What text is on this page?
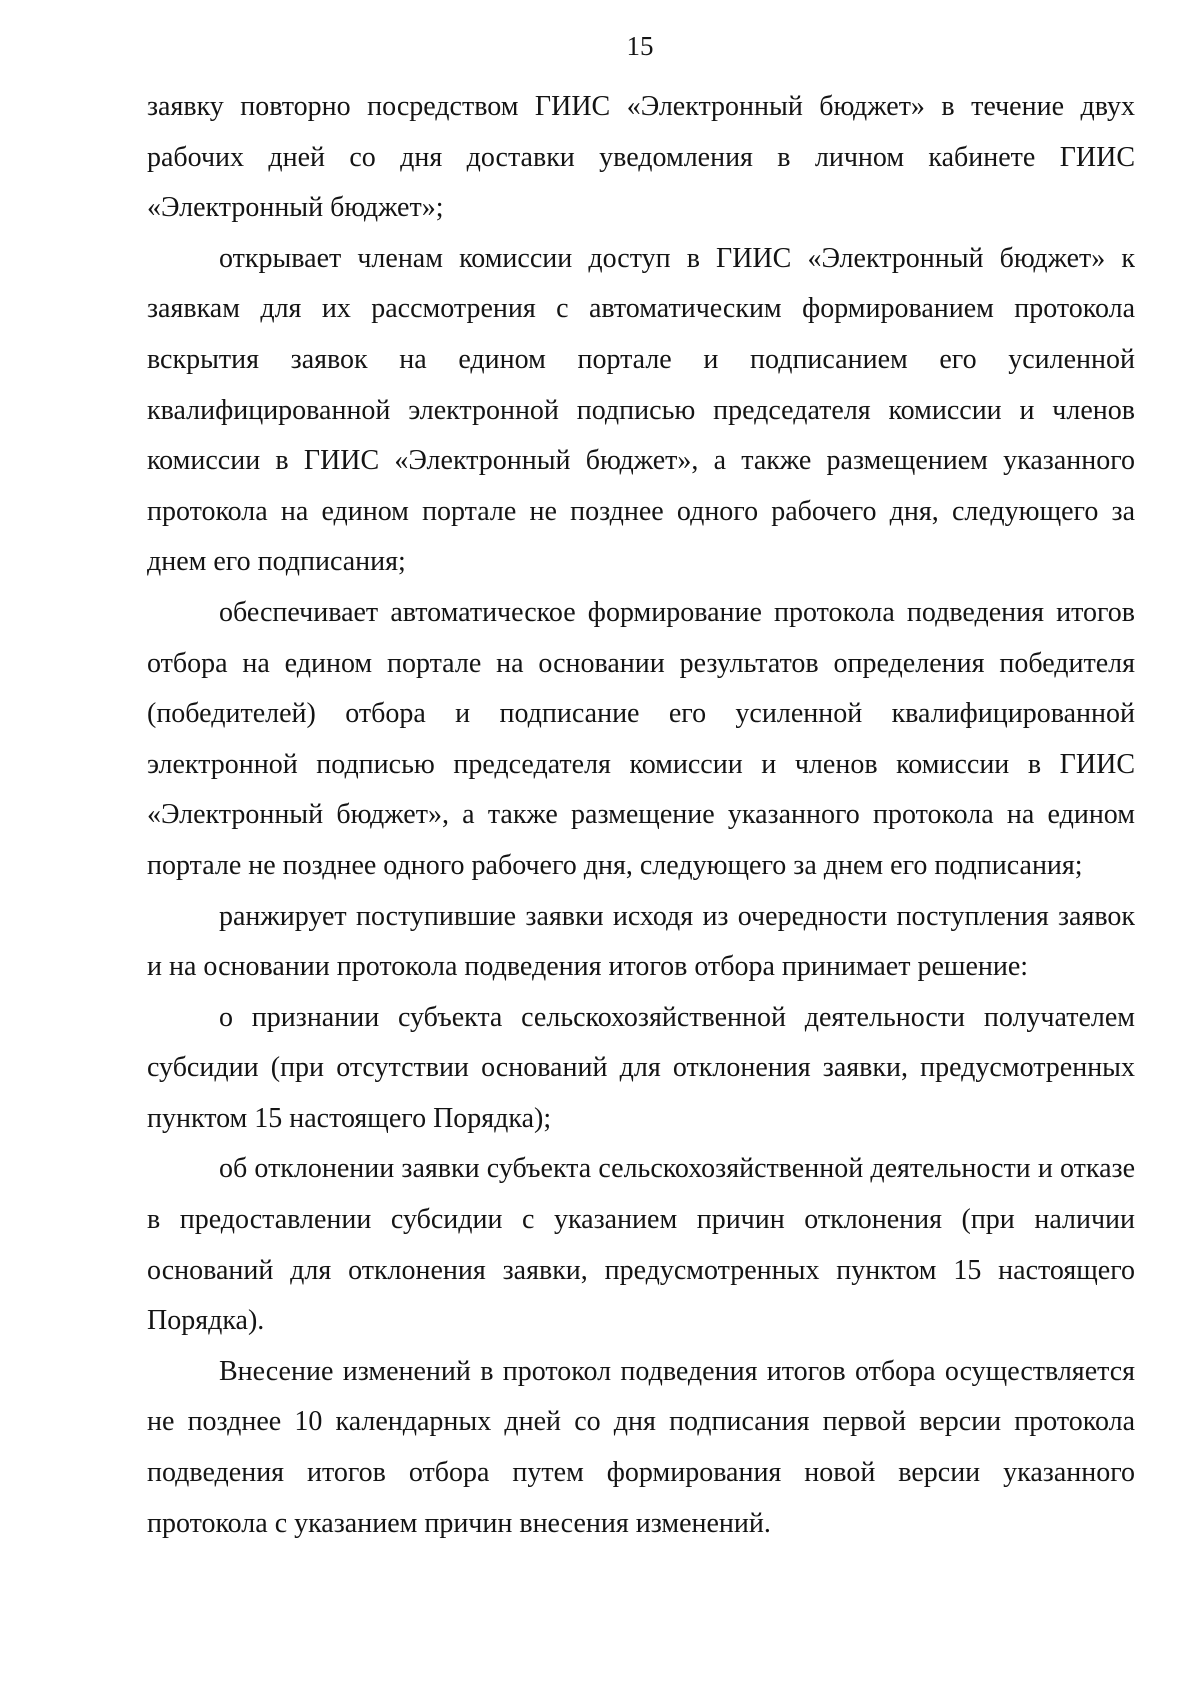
15

заявку повторно посредством ГИИС «Электронный бюджет» в течение двух рабочих дней со дня доставки уведомления в личном кабинете ГИИС «Электронный бюджет»;

открывает членам комиссии доступ в ГИИС «Электронный бюджет» к заявкам для их рассмотрения с автоматическим формированием протокола вскрытия заявок на едином портале и подписанием его усиленной квалифицированной электронной подписью председателя комиссии и членов комиссии в ГИИС «Электронный бюджет», а также размещением указанного протокола на едином портале не позднее одного рабочего дня, следующего за днем его подписания;

обеспечивает автоматическое формирование протокола подведения итогов отбора на едином портале на основании результатов определения победителя (победителей) отбора и подписание его усиленной квалифицированной электронной подписью председателя комиссии и членов комиссии в ГИИС «Электронный бюджет», а также размещение указанного протокола на едином портале не позднее одного рабочего дня, следующего за днем его подписания;

ранжирует поступившие заявки исходя из очередности поступления заявок и на основании протокола подведения итогов отбора принимает решение:

о признании субъекта сельскохозяйственной деятельности получателем субсидии (при отсутствии оснований для отклонения заявки, предусмотренных пунктом 15 настоящего Порядка);

об отклонении заявки субъекта сельскохозяйственной деятельности и отказе в предоставлении субсидии с указанием причин отклонения (при наличии оснований для отклонения заявки, предусмотренных пунктом 15 настоящего Порядка).

Внесение изменений в протокол подведения итогов отбора осуществляется не позднее 10 календарных дней со дня подписания первой версии протокола подведения итогов отбора путем формирования новой версии указанного протокола с указанием причин внесения изменений.
